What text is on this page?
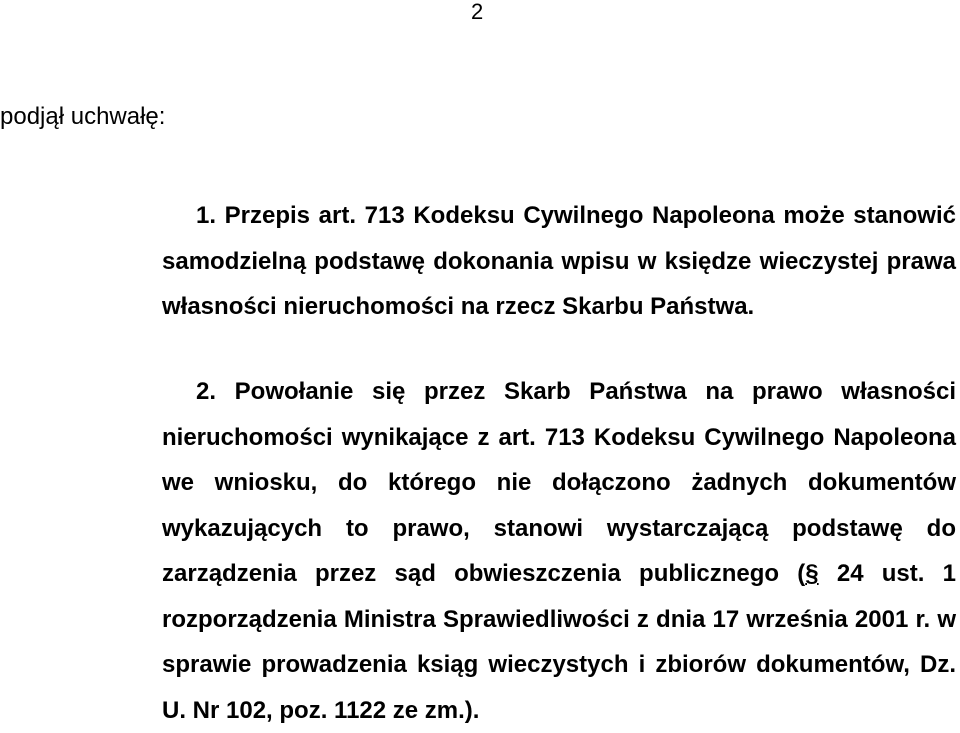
2
podjął uchwałę:

1. Przepis art. 713 Kodeksu Cywilnego Napoleona może stanowić samodzielną podstawę dokonania wpisu w księdze wieczystej prawa własności nieruchomości na rzecz Skarbu Państwa.

2. Powołanie się przez Skarb Państwa na prawo własności nieruchomości wynikające z art. 713 Kodeksu Cywilnego Napoleona we wniosku, do którego nie dołączono żadnych dokumentów wykazujących to prawo, stanowi wystarczającą podstawę do zarządzenia przez sąd obwieszczenia publicznego (§ 24 ust. 1 rozporządzenia Ministra Sprawiedliwości z dnia 17 września 2001 r. w sprawie prowadzenia ksiąg wieczystych i zbiorów dokumentów, Dz. U. Nr 102, poz. 1122 ze zm.).
